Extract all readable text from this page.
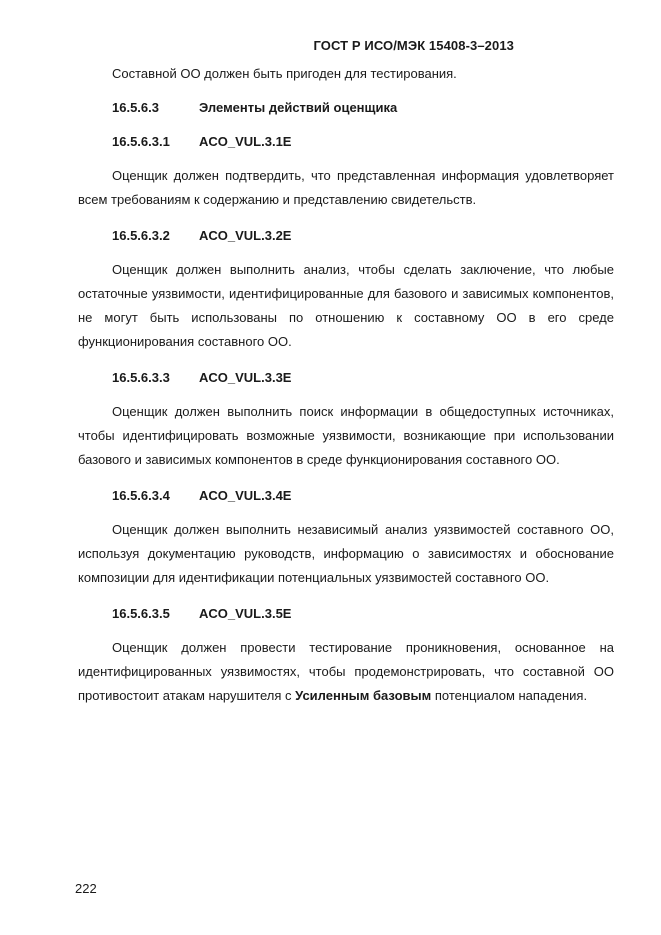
ГОСТ Р ИСО/МЭК 15408-3–2013

Составной ОО должен быть пригоден для тестирования.

16.5.6.3	Элементы действий оценщика
16.5.6.3.1	ACO_VUL.3.1E

Оценщик должен подтвердить, что представленная информация удовлетворяет всем требованиям к содержанию и представлению свидетельств.

16.5.6.3.2	ACO_VUL.3.2E

Оценщик должен выполнить анализ, чтобы сделать заключение, что любые остаточные уязвимости, идентифицированные для базового и зависимых компонентов, не могут быть использованы по отношению к составному ОО в его среде функционирования составного ОО.

16.5.6.3.3	ACO_VUL.3.3E

Оценщик должен выполнить поиск информации в общедоступных источниках, чтобы идентифицировать возможные уязвимости, возникающие при использовании базового и зависимых компонентов в среде функционирования составного ОО.

16.5.6.3.4	ACO_VUL.3.4E

Оценщик должен выполнить независимый анализ уязвимостей составного ОО, используя документацию руководств, информацию о зависимостях и обоснование композиции для идентификации потенциальных уязвимостей составного ОО.

16.5.6.3.5	ACO_VUL.3.5E

Оценщик должен провести тестирование проникновения, основанное на идентифицированных уязвимостях, чтобы продемонстрировать, что составной ОО противостоит атакам нарушителя с Усиленным базовым потенциалом нападения.

222
